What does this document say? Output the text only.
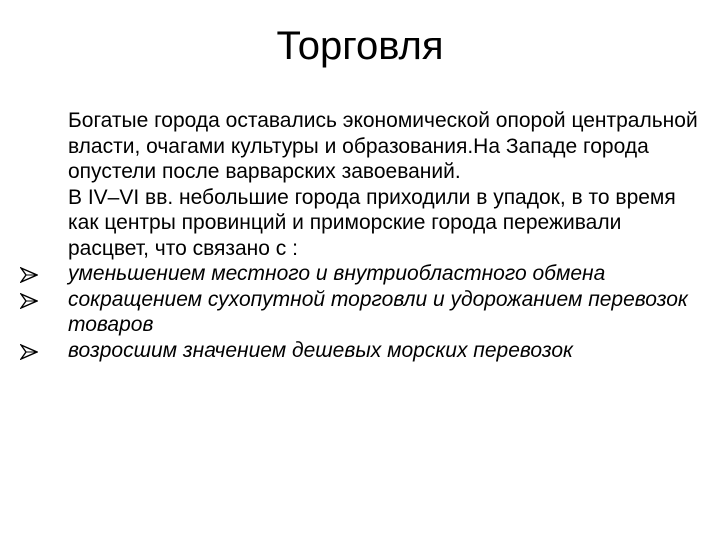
Торговля

Богатые города оставались экономической опорой центральной власти, очагами культуры и образования.На Западе города опустели после варварских завоеваний.

В IV–VI вв. небольшие города приходили в упадок, в то время как центры провинций и приморские города переживали расцвет, что связано с :

уменьшением местного и внутриобластного обмена

сокращением сухопутной торговли и удорожанием перевозок товаров

возросшим значением дешевых морских перевозок
